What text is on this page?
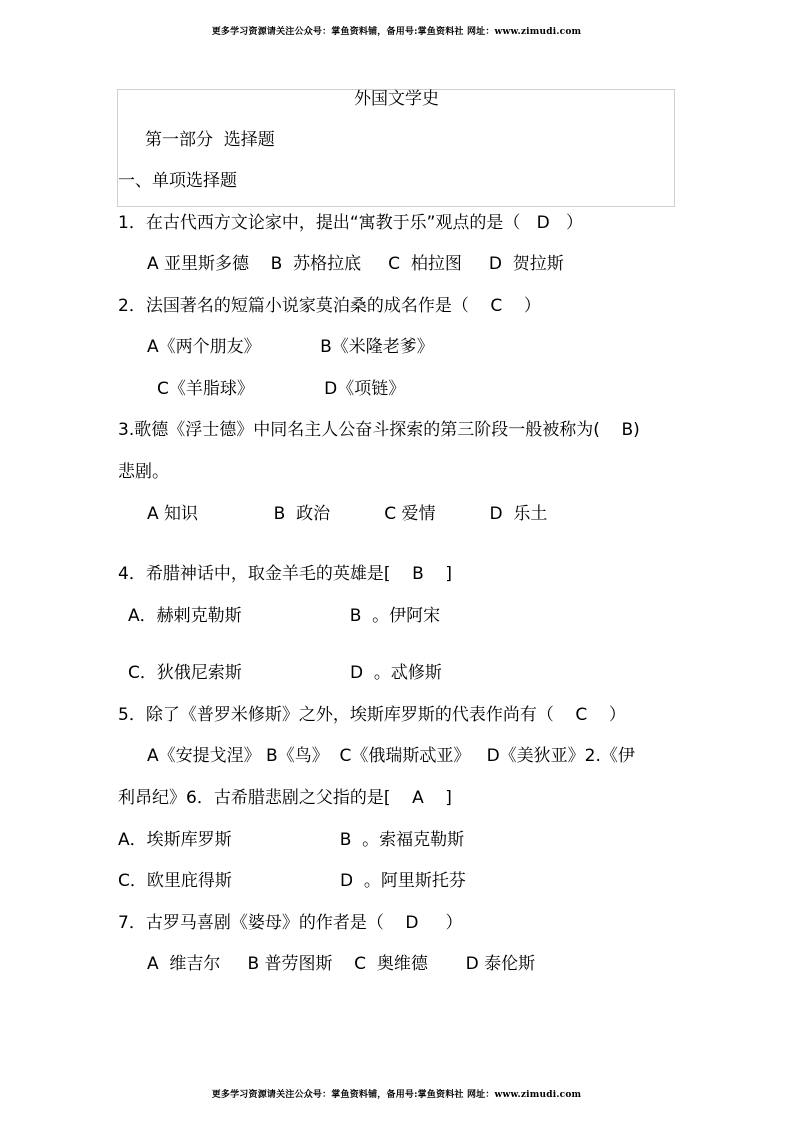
更多学习资源请关注公众号：掌鱼资料铺，备用号:掌鱼资料社 网址：www.zimudi.com
外国文学史
第一部分  选择题
一、单项选择题
1．在古代西方文论家中，提出“寓教于乐”观点的是（   D   ）
A 亚里斯多德    B  苏格拉底     C  柏拉图     D  贺拉斯
2．法国著名的短篇小说家莫泊桑的成名作是（    C    ）
A《两个朋友》           B《米隆老爹》
C《羊脂球》             D《项链》
3.歌德《浮士德》中同名主人公奋斗探索的第三阶段一般被称为(    B)
悲剧。
A 知识              B  政治          C 爱情          D  乐土
4．希腊神话中，取金羊毛的英雄是[    B    ]
A．赫剌克勒斯                    B  。伊阿宋
C．狄俄尼索斯                    D  。忒修斯
5．除了《普罗米修斯》之外，埃斯库罗斯的代表作尚有（    C    ）
A《安提戈涅》 B《鸟》  C《俄瑞斯忒亚》   D《美狄亚》2.《伊
利昂纪》6．古希腊悲剧之父指的是[    A    ]
A．埃斯库罗斯                    B  。索福克勒斯
C．欧里庇得斯                    D  。阿里斯托芬
7．古罗马喜剧《婆母》的作者是（    D     ）
A  维吉尔     B 普劳图斯    C  奥维德       D 泰伦斯
更多学习资源请关注公众号：掌鱼资料铺，备用号:掌鱼资料社 网址：www.zimudi.com
